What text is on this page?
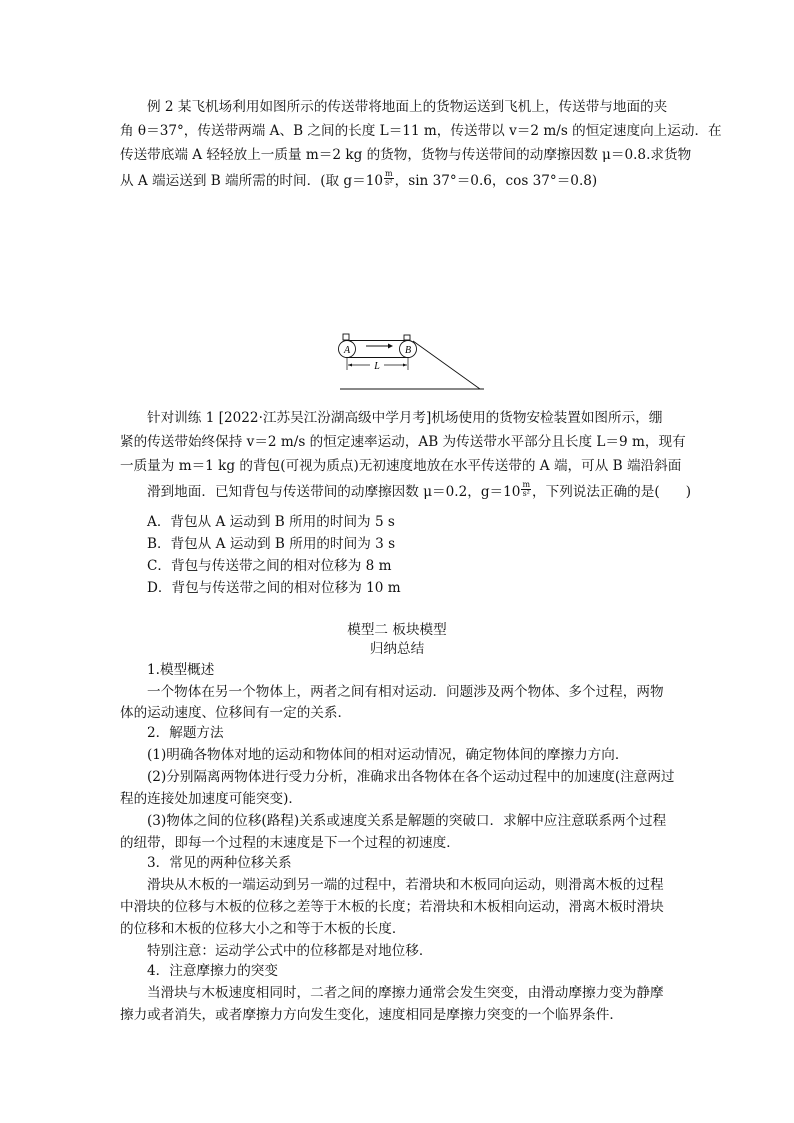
例 2 某飞机场利用如图所示的传送带将地面上的货物运送到飞机上，传送带与地面的夹
角 θ＝37°，传送带两端 A、B 之间的长度 L＝11 m，传送带以 v＝2 m/s 的恒定速度向上运动．在
传送带底端 A 轻轻放上一质量 m＝2 kg 的货物，货物与传送带间的动摩擦因数 μ＝0.8.求货物
从 A 端运送到 B 端所需的时间．(取 $g=10 \frac{m}{\text{s²}}$ ，sin 37°＝0.6，cos 37°＝0.8)
A	B
L
针对训练 1 [2022·江苏吴江汾湖高级中学月考]机场使用的货物安检装置如图所示，绷
紧的传送带始终保持 v＝2 m/s 的恒定速率运动，AB 为传送带水平部分且长度 L＝9 m，现有
一质量为 m＝1 kg 的背包(可视为质点)无初速度地放在水平传送带的 A 端，可从 B 端沿斜面
滑到地面．已知背包与传送带间的动摩擦因数 μ＝0.2，$g=10 \frac{m}{\text{s²}}$ ，下列说法正确的是( )
A．背包从 A 运动到 B 所用的时间为 5 s
B．背包从 A 运动到 B 所用的时间为 3 s
C．背包与传送带之间的相对位移为 8 m
D．背包与传送带之间的相对位移为 10 m
模型二 板块模型
归纳总结
1.模型概述
一个物体在另一个物体上，两者之间有相对运动．问题涉及两个物体、多个过程，两物
体的运动速度、位移间有一定的关系．
2．解题方法
(1)明确各物体对地的运动和物体间的相对运动情况，确定物体间的摩擦力方向．
(2)分别隔离两物体进行受力分析，准确求出各物体在各个运动过程中的加速度(注意两过
程的连接处加速度可能突变)．
(3)物体之间的位移(路程)关系或速度关系是解题的突破口．求解中应注意联系两个过程
的纽带，即每一个过程的末速度是下一个过程的初速度．
3．常见的两种位移关系
滑块从木板的一端运动到另一端的过程中，若滑块和木板同向运动，则滑离木板的过程
中滑块的位移与木板的位移之差等于木板的长度；若滑块和木板相向运动，滑离木板时滑块
的位移和木板的位移大小之和等于木板的长度．
特别注意：运动学公式中的位移都是对地位移．
4．注意摩擦力的突变
当滑块与木板速度相同时，二者之间的摩擦力通常会发生突变，由滑动摩擦力变为静摩
擦力或者消失，或者摩擦力方向发生变化，速度相同是摩擦力突变的一个临界条件．
